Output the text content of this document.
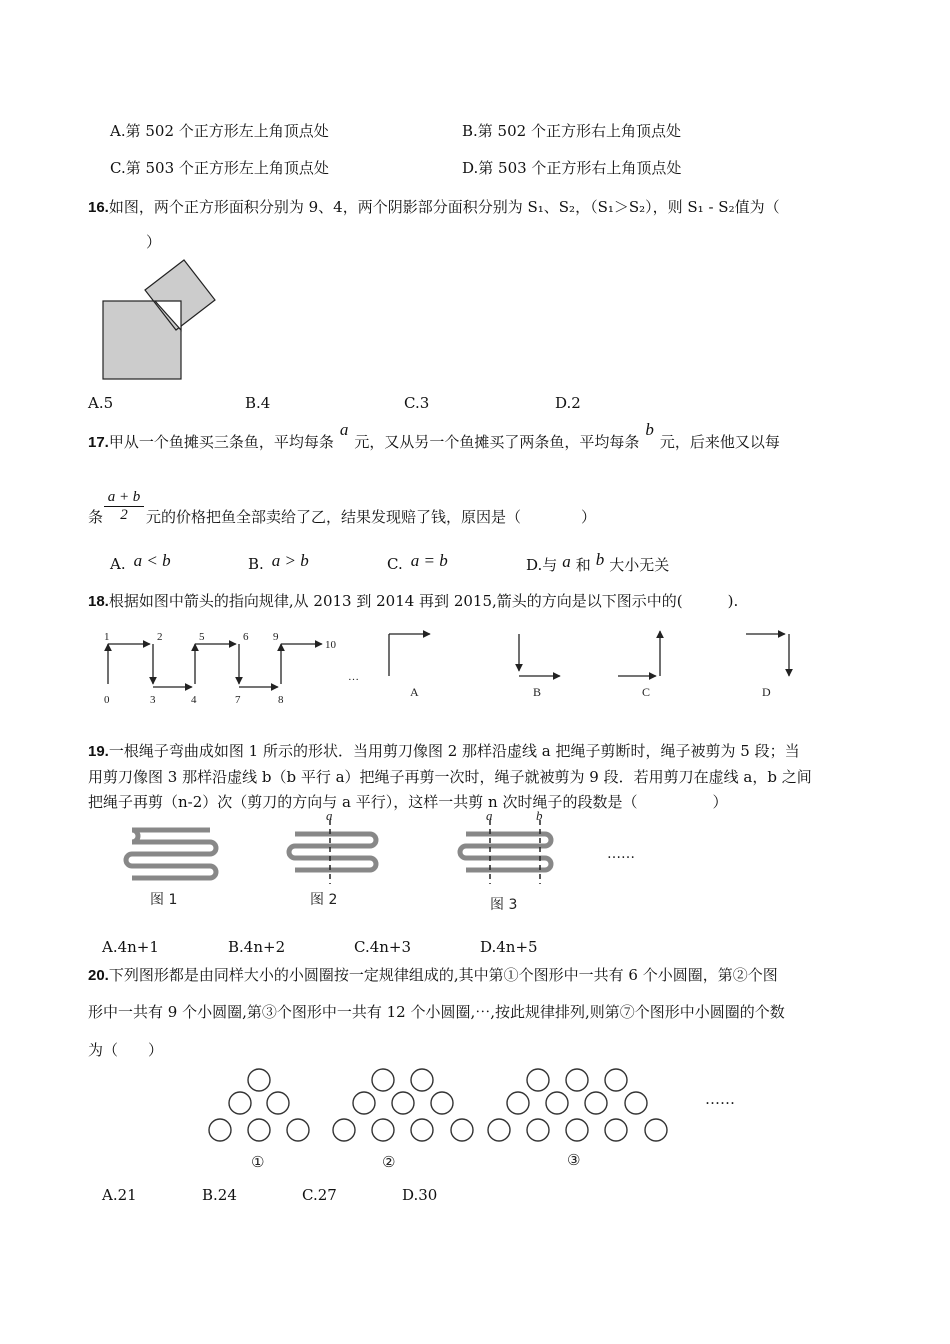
A.第 502 个正方形左上角顶点处	B.第 502 个正方形右上角顶点处
C.第 503 个正方形左上角顶点处	D.第 503 个正方形右上角顶点处
16.如图，两个正方形面积分别为 9、4，两个阴影部分面积分别为 S₁、S₂，（S₁＞S₂），则 S₁ - S₂值为（
）
A.5	B.4	C.3	D.2
17.甲从一个鱼摊买三条鱼，平均每条a元，又从另一个鱼摊买了两条鱼，平均每条b元，后来他又以每
条 $\frac{a + b}{2}$ 元的价格把鱼全部卖给了乙，结果发现赔了钱，原因是（　　　　）
A. a < b	B. a > b	C. a = b	D.与 a 和 b 大小无关
18.根据如图中箭头的指向规律,从 2013 到 2014 再到 2015,箭头的方向是以下图示中的(　　　).
1	2	5	6 9
10
0	3	4	7	8
…
A	B	C	D
19.一根绳子弯曲成如图 1 所示的形状．当用剪刀像图 2 那样沿虚线 a 把绳子剪断时，绳子被剪为 5 段；当
用剪刀像图 3 那样沿虚线 b（b 平行 a）把绳子再剪一次时，绳子就被剪为 9 段．若用剪刀在虚线 a，b 之间
把绳子再剪（n-2）次（剪刀的方向与 a 平行），这样一共剪 n 次时绳子的段数是（　　　　　）
a	a	b
图 1	图 2	图 3
……
A.4n+1	B.4n+2	C.4n+3	D.4n+5
20.下列图形都是由同样大小的小圆圈按一定规律组成的,其中第①个图形中一共有 6 个小圆圈，第②个图
形中一共有 9 个小圆圈,第③个图形中一共有 12 个小圆圈,⋯,按此规律排列,则第⑦个图形中小圆圈的个数
为（　　）
①	②	③
……
A.21	B.24	C.27	D.30
